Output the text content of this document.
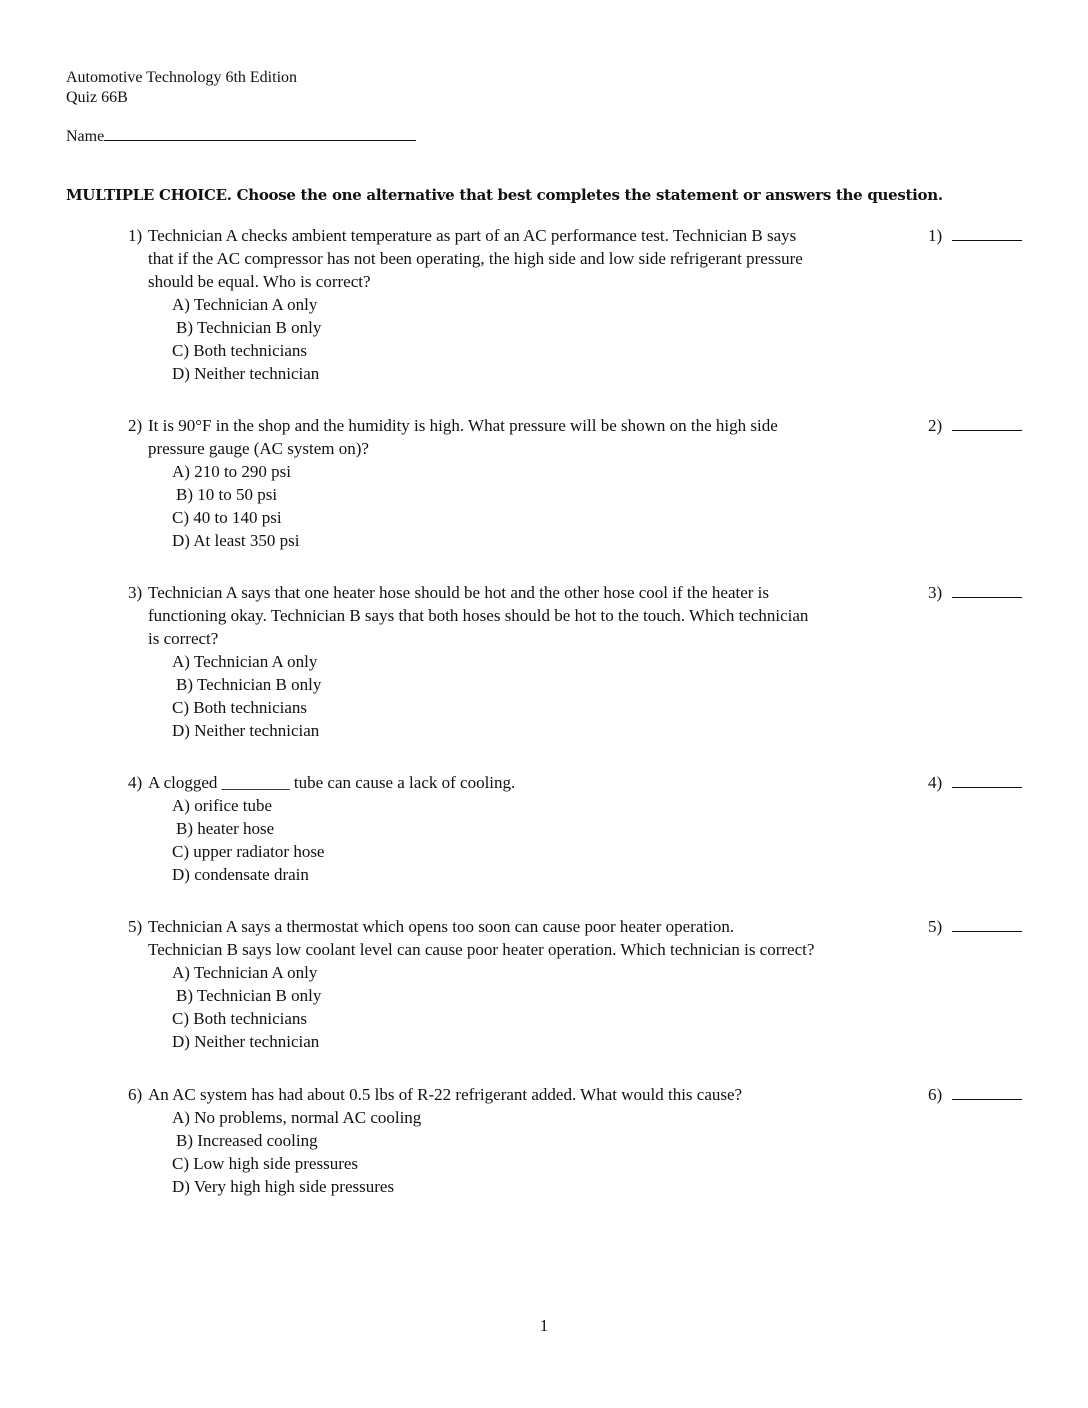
Automotive Technology 6th Edition
Quiz 66B
Name
MULTIPLE CHOICE. Choose the one alternative that best completes the statement or answers the question.
1) Technician A checks ambient temperature as part of an AC performance test. Technician B says
that if the AC compressor has not been operating, the high side and low side refrigerant pressure
should be equal. Who is correct?
A) Technician A only
B) Technician B only
C) Both technicians
D) Neither technician
1)
2) It is 90°F in the shop and the humidity is high. What pressure will be shown on the high side
pressure gauge (AC system on)?
A) 210 to 290 psi
B) 10 to 50 psi
C) 40 to 140 psi
D) At least 350 psi
2)
3) Technician A says that one heater hose should be hot and the other hose cool if the heater is
functioning okay. Technician B says that both hoses should be hot to the touch. Which technician
is correct?
A) Technician A only
B) Technician B only
C) Both technicians
D) Neither technician
3)
4) A clogged ________ tube can cause a lack of cooling.
A) orifice tube
B) heater hose
C) upper radiator hose
D) condensate drain
4)
5) Technician A says a thermostat which opens too soon can cause poor heater operation.
Technician B says low coolant level can cause poor heater operation. Which technician is correct?
A) Technician A only
B) Technician B only
C) Both technicians
D) Neither technician
5)
6) An AC system has had about 0.5 lbs of R-22 refrigerant added. What would this cause?
A) No problems, normal AC cooling
B) Increased cooling
C) Low high side pressures
D) Very high high side pressures
6)
1
